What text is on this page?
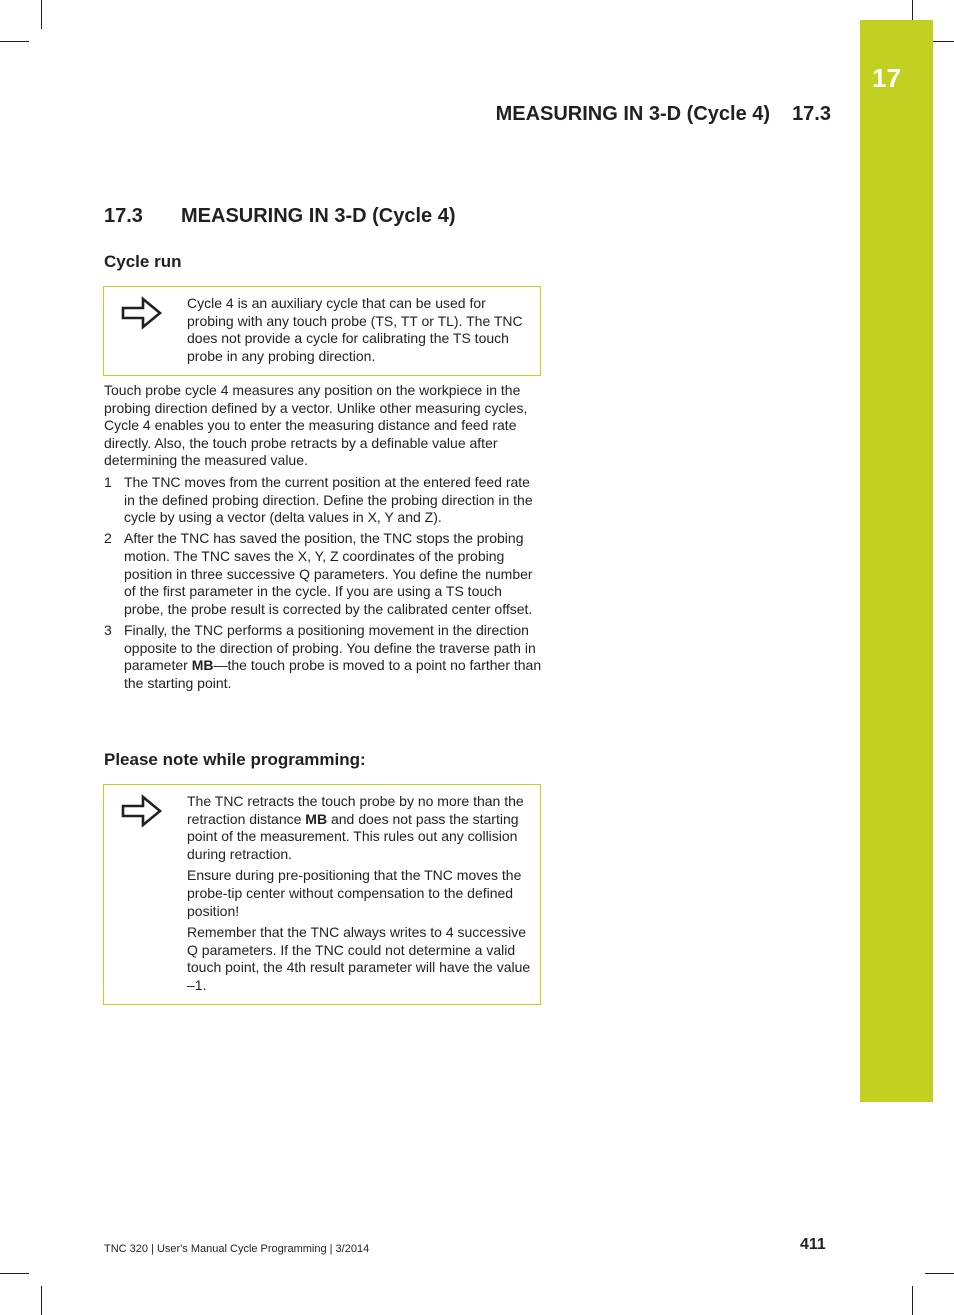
17
MEASURING IN 3-D (Cycle 4) 17.3
17.3 MEASURING IN 3-D (Cycle 4)
Cycle run

Cycle 4 is an auxiliary cycle that can be used for probing with any touch probe (TS, TT or TL). The TNC does not provide a cycle for calibrating the TS touch probe in any probing direction.

Touch probe cycle 4 measures any position on the workpiece in the probing direction defined by a vector. Unlike other measuring cycles, Cycle 4 enables you to enter the measuring distance and feed rate directly. Also, the touch probe retracts by a definable value after determining the measured value.

1 The TNC moves from the current position at the entered feed rate in the defined probing direction. Define the probing direction in the cycle by using a vector (delta values in X, Y and Z).
2 After the TNC has saved the position, the TNC stops the probing motion. The TNC saves the X, Y, Z coordinates of the probing position in three successive Q parameters. You define the number of the first parameter in the cycle. If you are using a TS touch probe, the probe result is corrected by the calibrated center offset.
3 Finally, the TNC performs a positioning movement in the direction opposite to the direction of probing. You define the traverse path in parameter MB—the touch probe is moved to a point no farther than the starting point.
Please note while programming:

The TNC retracts the touch probe by no more than the retraction distance MB and does not pass the starting point of the measurement. This rules out any collision during retraction.

Ensure during pre-positioning that the TNC moves the probe-tip center without compensation to the defined position!

Remember that the TNC always writes to 4 successive Q parameters. If the TNC could not determine a valid touch point, the 4th result parameter will have the value –1.

TNC 320 | User's Manual Cycle Programming | 3/2014	411
